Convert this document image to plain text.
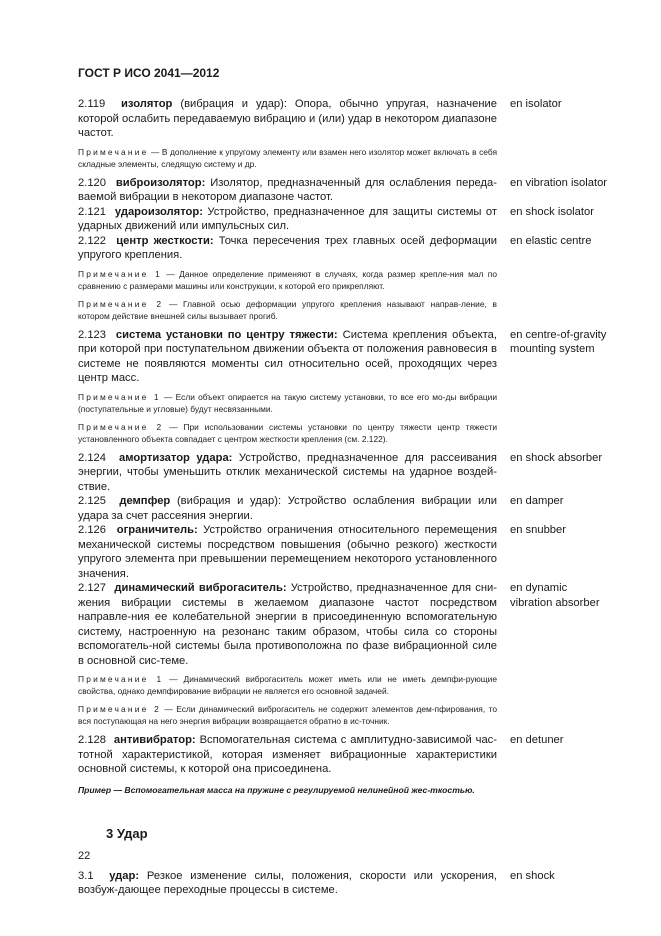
ГОСТ Р ИСО 2041—2012
2.119 изолятор (вибрация и удар): Опора, обычно упругая, назначение которой ослабить передаваемую вибрацию и (или) удар в некотором диапазоне частот.
en isolator
Примечание — В дополнение к упругому элементу или взамен него изолятор может включать в себя складные элементы, следящую систему и др.
2.120 виброизолятор: Изолятор, предназначенный для ослабления переда-ваемой вибрации в некотором диапазоне частот.
en vibration isolator
2.121 удароизолятор: Устройство, предназначенное для защиты системы от ударных движений или импульсных сил.
en shock isolator
2.122 центр жесткости: Точка пересечения трех главных осей деформации упругого крепления.
en elastic centre
Примечание 1 — Данное определение применяют в случаях, когда размер крепле-ния мал по сравнению с размерами машины или конструкции, к которой его прикрепляют.
Примечание 2 — Главной осью деформации упругого крепления называют направ-ление, в котором действие внешней силы вызывает прогиб.
2.123 система установки по центру тяжести: Система крепления объекта, при которой при поступательном движении объекта от положения равновесия в системе не появляются моменты сил относительно осей, проходящих через центр масс.
en centre-of-gravity mounting system
Примечание 1 — Если объект опирается на такую систему установки, то все его мо-ды вибрации (поступательные и угловые) будут несвязанными.
Примечание 2 — При использовании системы установки по центру тяжести центр тяжести установленного объекта совпадает с центром жесткости крепления (см. 2.122).
2.124 амортизатор удара: Устройство, предназначенное для рассеивания энергии, чтобы уменьшить отклик механической системы на ударное воздей-ствие.
en shock absorber
2.125 демпфер (вибрация и удар): Устройство ослабления вибрации или удара за счет рассеяния энергии.
en damper
2.126 ограничитель: Устройство ограничения относительного перемещения механической системы посредством повышения (обычно резкого) жесткости упругого элемента при превышении перемещением некоторого установленного значения.
en snubber
2.127 динамический виброгаситель: Устройство, предназначенное для сни-жения вибрации системы в желаемом диапазоне частот посредством направле-ния ее колебательной энергии в присоединенную вспомогательную систему, настроенную на резонанс таким образом, чтобы сила со стороны вспомогатель-ной системы была противоположна по фазе вибрационной силе в основной сис-теме.
en dynamic vibration absorber
Примечание 1 — Динамический виброгаситель может иметь или не иметь демпфи-рующие свойства, однако демпфирование вибрации не является его основной задачей.
Примечание 2 — Если динамический виброгаситель не содержит элементов дем-пфирования, то вся поступающая на него энергия вибрации возвращается обратно в ис-точник.
2.128 антивибратор: Вспомогательная система с амплитудно-зависимой час-тотной характеристикой, которая изменяет вибрационные характеристики основной системы, к которой она присоединена.
en detuner
Пример — Вспомогательная масса на пружине с регулируемой нелинейной жес-ткостью.
3 Удар
3.1 удар: Резкое изменение силы, положения, скорости или ускорения, возбуж-дающее переходные процессы в системе.
en shock
22
